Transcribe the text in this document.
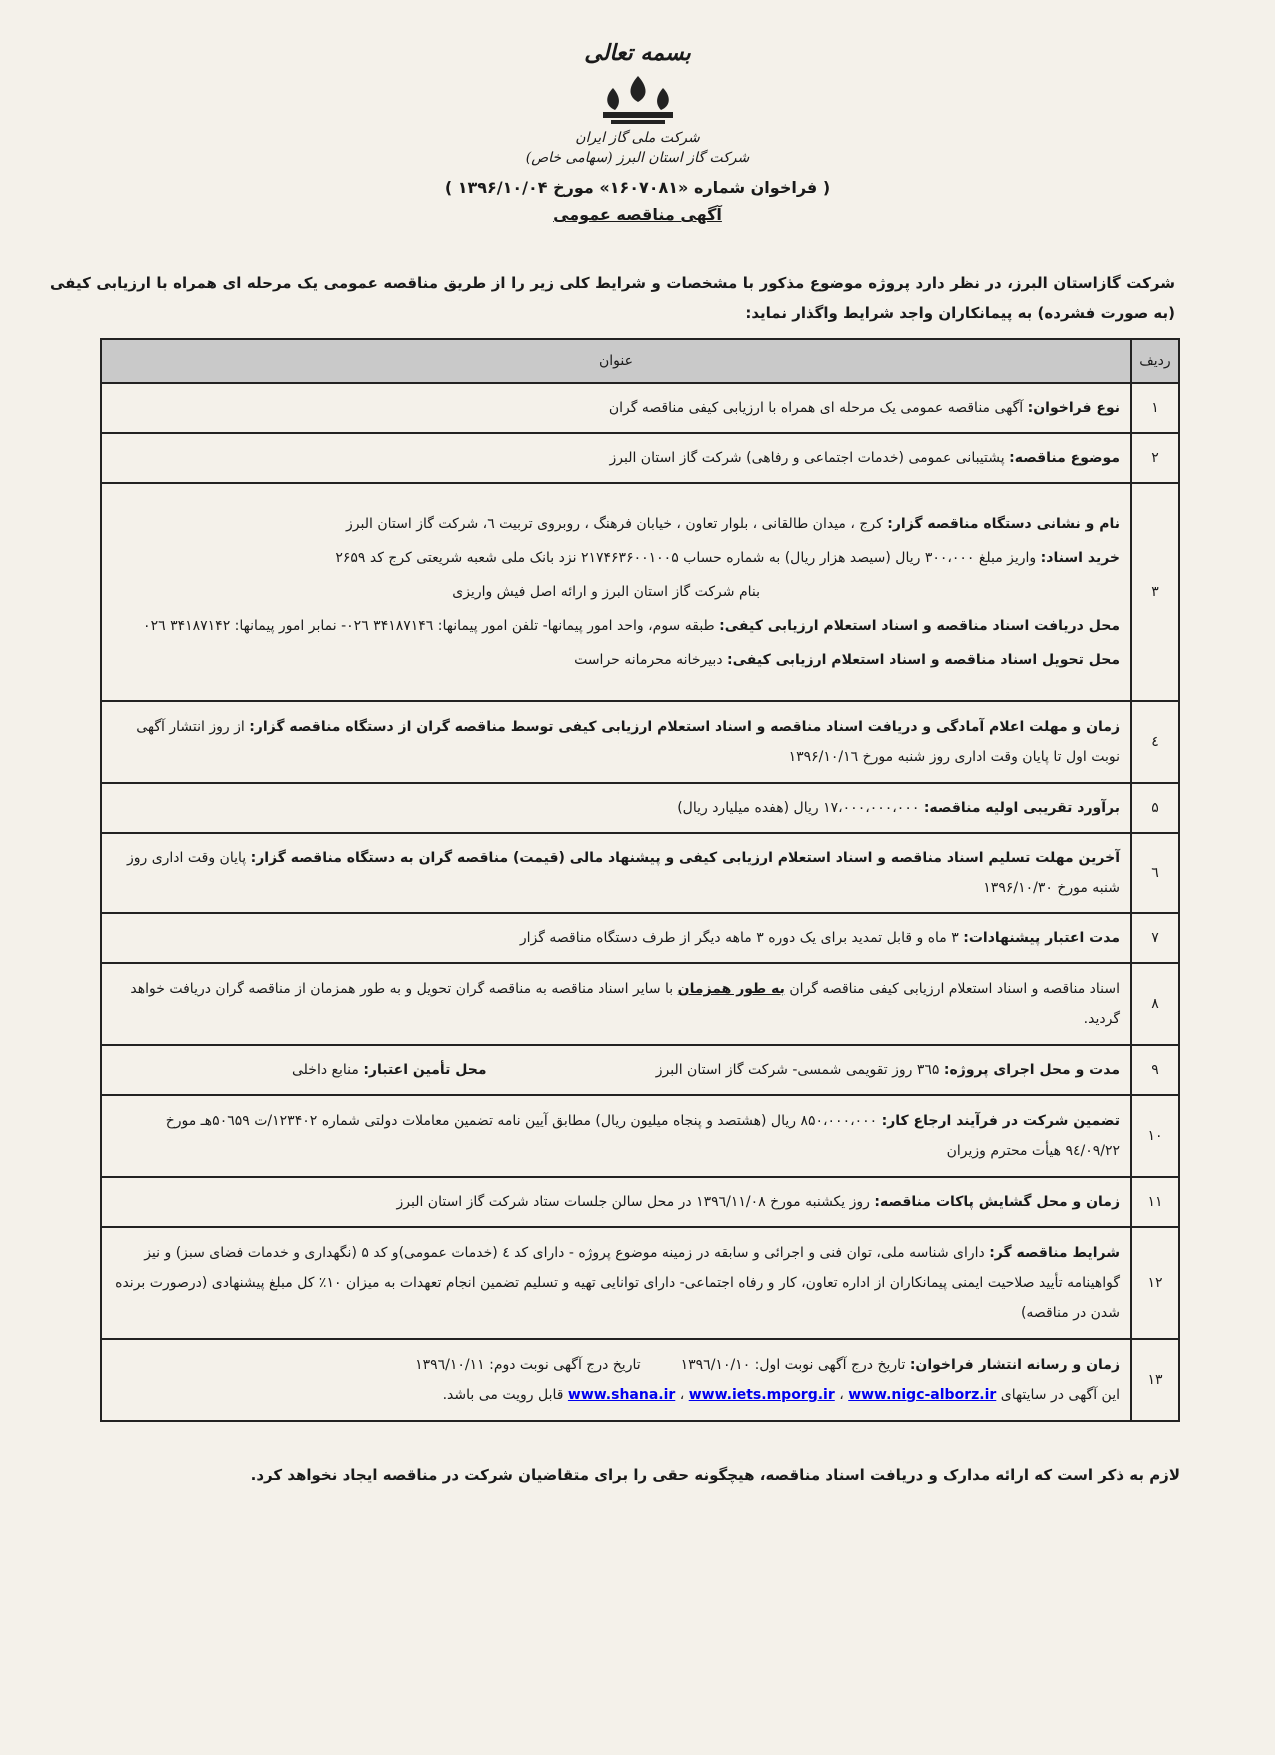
بسمه تعالی
شرکت ملی گاز ایران
شرکت گاز استان البرز (سهامی خاص)
( فراخوان شماره «۱۶۰۷۰۸۱» مورخ ۱۳۹۶/۱۰/۰۴ )
آگهی مناقصه عمومی
شرکت گازاستان البرز، در نظر دارد پروژه موضوع مذکور با مشخصات و شرایط کلی زیر را از طریق مناقصه عمومی یک مرحله ای همراه با ارزیابی کیفی (به صورت فشرده) به پیمانکاران واجد شرایط واگذار نماید:
ردیف	عنوان
۱	نوع فراخوان: آگهی مناقصه عمومی یک مرحله ای همراه با ارزیابی کیفی مناقصه گران
۲	موضوع مناقصه: پشتیبانی عمومی (خدمات اجتماعی و رفاهی) شرکت گاز استان البرز
۳	نام و نشانی دستگاه مناقصه گزار: کرج ، میدان طالقانی ، بلوار تعاون ، خیابان فرهنگ ، روبروی تربیت ٦، شرکت گاز استان البرز
خرید اسناد: واریز مبلغ ۳۰۰،۰۰۰ ریال (سیصد هزار ریال) به شماره حساب ۲۱۷۴۶۳۶۰۰۱۰۰۵ نزد بانک ملی شعبه شریعتی کرج کد ۲۶۵۹
بنام شرکت گاز استان البرز و ارائه اصل فیش واریزی
محل دریافت اسناد مناقصه و اسناد استعلام ارزیابی کیفی: طبقه سوم، واحد امور پیمانها- تلفن امور پیمانها: ۳۴۱۸۷۱۴٦ ۰۲٦- نمابر امور پیمانها: ۳۴۱۸۷۱۴۲ ۰۲٦
محل تحویل اسناد مناقصه و اسناد استعلام ارزیابی کیفی: دبیرخانه محرمانه حراست

٤	زمان و مهلت اعلام آمادگی و دریافت اسناد مناقصه و اسناد استعلام ارزیابی کیفی توسط مناقصه گران از دستگاه مناقصه گزار: از روز انتشار آگهی نوبت اول تا پایان وقت اداری روز شنبه مورخ ۱۳۹۶/۱۰/۱٦
۵	برآورد تقریبی اولیه مناقصه: ۱۷،۰۰۰،۰۰۰،۰۰۰ ریال (هفده میلیارد ریال)
٦	آخرین مهلت تسلیم اسناد مناقصه و اسناد استعلام ارزیابی کیفی و پیشنهاد مالی (قیمت) مناقصه گران به دستگاه مناقصه گزار: پایان وقت اداری روز شنبه مورخ ۱۳۹۶/۱۰/۳۰
۷	مدت اعتبار پیشنهادات: ۳ ماه و قابل تمدید برای یک دوره ۳ ماهه دیگر از طرف دستگاه مناقصه گزار
۸	اسناد مناقصه و اسناد استعلام ارزیابی کیفی مناقصه گران به طور همزمان با سایر اسناد مناقصه به مناقصه گران تحویل و به طور همزمان از مناقصه گران دریافت خواهد گردید.
۹	مدت و محل اجرای پروژه: ۳٦۵ روز تقویمی شمسی- شرکت گاز استان البرز
محل تأمین اعتبار: منابع داخلی

۱۰	تضمین شرکت در فرآیند ارجاع کار: ۸۵۰،۰۰۰،۰۰۰ ریال (هشتصد و پنجاه میلیون ریال) مطابق آیین نامه تضمین معاملات دولتی شماره ۱۲۳۴۰۲/ت ۵۰٦۵۹هـ مورخ ۹٤/۰۹/۲۲ هیأت محترم وزیران
۱۱	زمان و محل گشایش پاکات مناقصه: روز یکشنبه مورخ ۱۳۹٦/۱۱/۰۸ در محل سالن جلسات ستاد شرکت گاز استان البرز
۱۲	شرایط مناقصه گر: دارای شناسه ملی، توان فنی و اجرائی و سابقه در زمینه موضوع پروژه - دارای کد ٤ (خدمات عمومی)و کد ۵ (نگهداری و خدمات فضای سبز) و نیز گواهینامه تأیید صلاحیت ایمنی پیمانکاران از اداره تعاون، کار و رفاه اجتماعی- دارای توانایی تهیه و تسلیم تضمین انجام تعهدات به میزان ۱۰٪ کل مبلغ پیشنهادی (درصورت برنده شدن در مناقصه)
۱۳	زمان و رسانه انتشار فراخوان: تاریخ درج آگهی نوبت اول: ۱۳۹٦/۱۰/۱۰تاریخ درج آگهی نوبت دوم: ۱۳۹٦/۱۰/۱۱
این آگهی در سایتهای www.shana.ir ، www.iets.mporg.ir ، www.nigc-alborz.ir قابل رویت می باشد.
لازم به ذکر است که ارائه مدارک و دریافت اسناد مناقصه، هیچگونه حقی را برای متقاضیان شرکت در مناقصه ایجاد نخواهد کرد.
